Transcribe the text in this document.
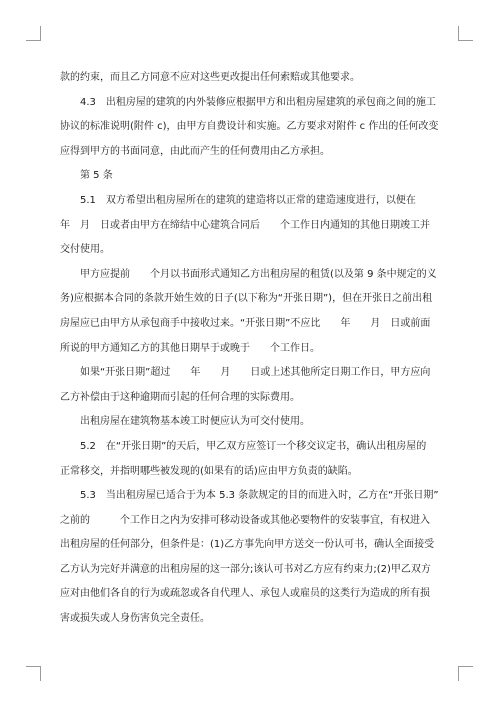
款的约束，而且乙方同意不应对这些更改提出任何索赔或其他要求。

4.3　出租房屋的建筑的内外装修应根据甲方和出租房屋建筑的承包商之间的施工
协议的标准说明(附件 c)，由甲方自费设计和实施。乙方要求对附件 c 作出的任何改变
应得到甲方的书面同意，由此而产生的任何费用由乙方承担。

第 5 条

5.1　双方希望出租房屋所在的建筑的建造将以正常的建造速度进行，以便在
年　月　日或者由甲方在缔结中心建筑合同后　　个工作日内通知的其他日期竣工并
交付使用。

甲方应提前　　个月以书面形式通知乙方出租房屋的租赁(以及第 9 条中规定的义
务)应根据本合同的条款开始生效的日子(以下称为“开张日期”)，但在开张日之前出租
房屋应已由甲方从承包商手中接收过来。“开张日期”不应比　　年　　月　日或前面
所说的甲方通知乙方的其他日期早于或晚于　　个工作日。

如果“开张日期”超过　　年　　月　　日或上述其他所定日期工作日，甲方应向
乙方补偿由于这种逾期而引起的任何合理的实际费用。

出租房屋在建筑物基本竣工时便应认为可交付使用。

5.2　在“开张日期”的天后，甲乙双方应签订一个移交议定书，确认出租房屋的
正常移交，并指明哪些被发现的(如果有的话)应由甲方负责的缺陷。

5.3　当出租房屋已适合于为本 5.3 条款规定的目的而进入时，乙方在“开张日期”
之前的　　　个工作日之内为安排可移动设备或其他必要物件的安装事宜，有权进入
出租房屋的任何部分，但条件是：(1)乙方事先向甲方送交一份认可书，确认全面接受
乙方认为完好并满意的出租房屋的这一部分;该认可书对乙方应有约束力;(2)甲乙双方
应对由他们各自的行为或疏忽或各自代理人、承包人或雇员的这类行为造成的所有损
害或损失或人身伤害负完全责任。
